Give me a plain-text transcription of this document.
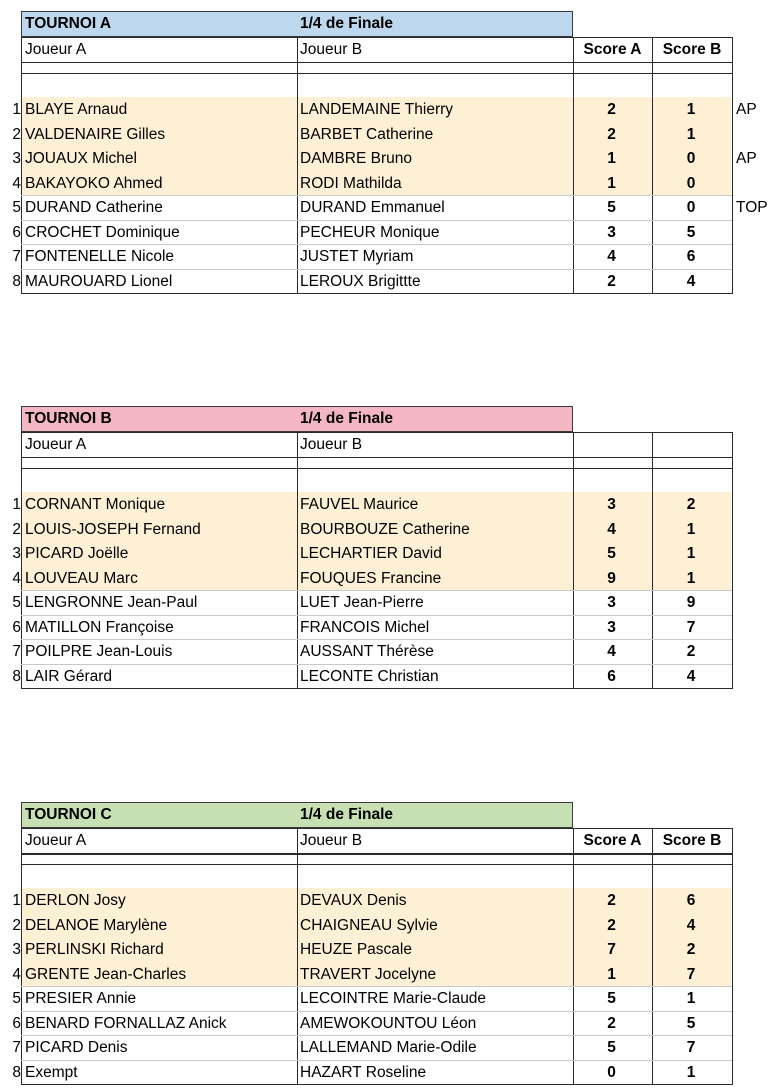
TOURNOI A	1/4 de Finale
Joueur A	Joueur B	Score A	Score B
1 BLAYE Arnaud	LANDEMAINE Thierry	2	1	AP
2 VALDENAIRE Gilles	BARBET Catherine	2	1
3 JOUAUX Michel	DAMBRE Bruno	1	0	AP
4 BAKAYOKO Ahmed	RODI Mathilda	1	0
5 DURAND Catherine	DURAND Emmanuel	5	0	TOP
6 CROCHET Dominique	PECHEUR Monique	3	5
7 FONTENELLE Nicole	JUSTET Myriam	4	6
8 MAUROUARD Lionel	LEROUX Brigittte	2	4
TOURNOI B	1/4 de Finale
Joueur A	Joueur B
1 CORNANT Monique	FAUVEL Maurice	3	2
2 LOUIS-JOSEPH Fernand	BOURBOUZE Catherine	4	1
3 PICARD Joëlle	LECHARTIER David	5	1
4 LOUVEAU Marc	FOUQUES Francine	9	1
5 LENGRONNE Jean-Paul	LUET Jean-Pierre	3	9
6 MATILLON Françoise	FRANCOIS Michel	3	7
7 POILPRE Jean-Louis	AUSSANT Thérèse	4	2
8 LAIR Gérard	LECONTE Christian	6	4
TOURNOI C	1/4 de Finale
Joueur A	Joueur B	Score A	Score B
1 DERLON Josy	DEVAUX Denis	2	6
2 DELANOE Marylène	CHAIGNEAU Sylvie	2	4
3 PERLINSKI Richard	HEUZE Pascale	7	2
4 GRENTE Jean-Charles	TRAVERT Jocelyne	1	7
5 PRESIER Annie	LECOINTRE Marie-Claude	5	1
6 BENARD FORNALLAZ Anick	AMEWOKOUNTOU Léon	2	5
7 PICARD Denis	LALLEMAND Marie-Odile	5	7
8 Exempt	HAZART Roseline	0	1
